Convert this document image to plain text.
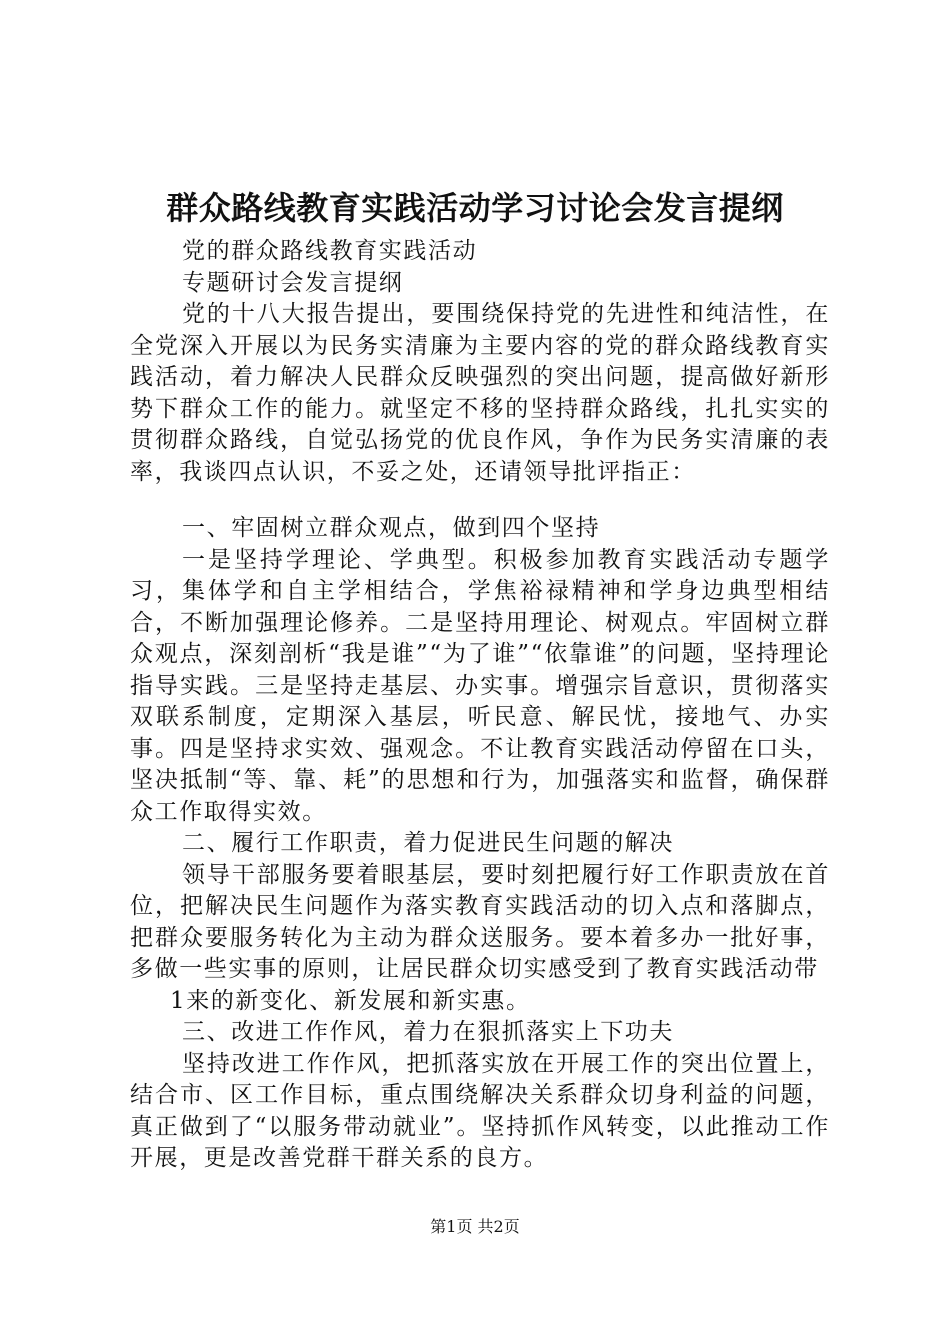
群众路线教育实践活动学习讨论会发言提纲

党的群众路线教育实践活动

专题研讨会发言提纲

党的十八大报告提出，要围绕保持党的先进性和纯洁性，在全党深入开展以为民务实清廉为主要内容的党的群众路线教育实践活动，着力解决人民群众反映强烈的突出问题，提高做好新形势下群众工作的能力。就坚定不移的坚持群众路线，扎扎实实的贯彻群众路线，自觉弘扬党的优良作风，争作为民务实清廉的表率，我谈四点认识，不妥之处，还请领导批评指正：

一、牢固树立群众观点，做到四个坚持

一是坚持学理论、学典型。积极参加教育实践活动专题学习，集体学和自主学相结合，学焦裕禄精神和学身边典型相结合，不断加强理论修养。二是坚持用理论、树观点。牢固树立群众观点，深刻剖析“我是谁”“为了谁”“依靠谁”的问题，坚持理论指导实践。三是坚持走基层、办实事。增强宗旨意识，贯彻落实双联系制度，定期深入基层，听民意、解民忧，接地气、办实事。四是坚持求实效、强观念。不让教育实践活动停留在口头，坚决抵制“等、靠、耗”的思想和行为，加强落实和监督，确保群众工作取得实效。

二、履行工作职责，着力促进民生问题的解决

领导干部服务要着眼基层，要时刻把履行好工作职责放在首位，把解决民生问题作为落实教育实践活动的切入点和落脚点，把群众要服务转化为主动为群众送服务。要本着多办一批好事，多做一些实事的原则，让居民群众切实感受到了教育实践活动带

1来的新变化、新发展和新实惠。

三、改进工作作风，着力在狠抓落实上下功夫

坚持改进工作作风，把抓落实放在开展工作的突出位置上，结合市、区工作目标，重点围绕解决关系群众切身利益的问题，真正做到了“以服务带动就业”。坚持抓作风转变，以此推动工作开展，更是改善党群干群关系的良方。

第1页 共2页
